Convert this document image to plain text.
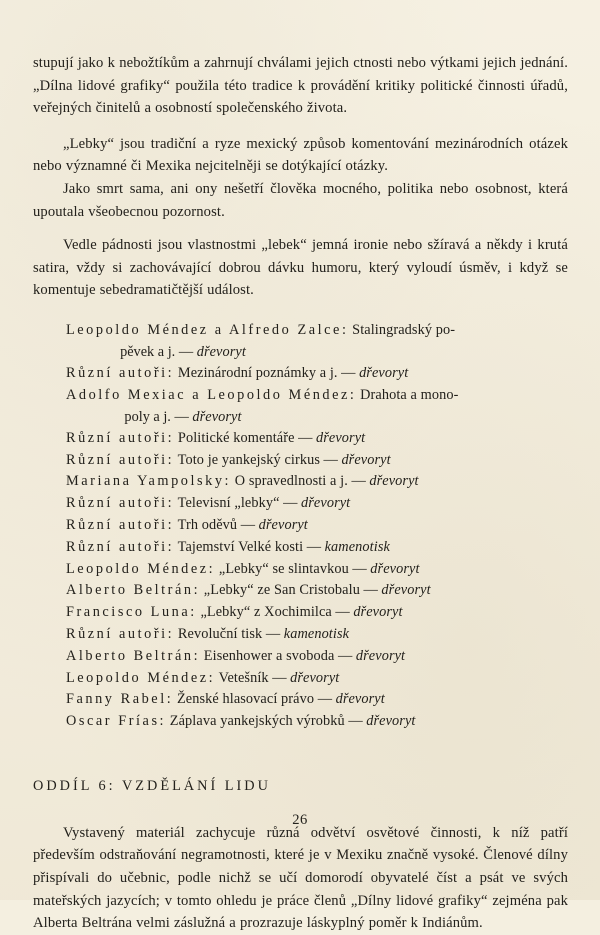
stupují jako k nebožtíkům a zahrnují chválami jejich ctnosti nebo výtkami jejich jednání. „Dílna lidové grafiky“ použila této tradice k provádění kritiky politické činnosti úřadů, veřejných činitelů a osobností společenského života.

„Lebky“ jsou tradiční a ryze mexický způsob komentování mezinárodních otázek nebo významné či Mexika nejcitelněji se dotýkající otázky.

Jako smrt sama, ani ony nešetří člověka mocného, politika nebo osobnost, která upoutala všeobecnou pozornost.

Vedle pádnosti jsou vlastnostmi „lebek“ jemná ironie nebo sžíravá a někdy i krutá satira, vždy si zachovávající dobrou dávku humoru, který vyloudí úsměv, i když se komentuje sebedramatičtější událost.

Leopoldo Méndez a Alfredo Zalce: Stalingradský po-
pěvek a j. — dřevoryt
Různí autoři: Mezinárodní poznámky a j. — dřevoryt
Adolfo Mexiac a Leopoldo Méndez: Drahota a mono-
poly a j. — dřevoryt
Různí autoři: Politické komentáře — dřevoryt
Různí autoři: Toto je yankejský cirkus — dřevoryt
Mariana Yampolsky: O spravedlnosti a j. — dřevoryt
Různí autoři: Televisní „lebky“ — dřevoryt
Různí autoři: Trh oděvů — dřevoryt
Různí autoři: Tajemství Velké kosti — kamenotisk
Leopoldo Méndez: „Lebky“ se slintavkou — dřevoryt
Alberto Beltrán: „Lebky“ ze San Cristobalu — dřevoryt
Francisco Luna: „Lebky“ z Xochimilca — dřevoryt
Různí autoři: Revoluční tisk — kamenotisk
Alberto Beltrán: Eisenhower a svoboda — dřevoryt
Leopoldo Méndez: Vetešník — dřevoryt
Fanny Rabel: Ženské hlasovací právo — dřevoryt
Oscar Frías: Záplava yankejských výrobků — dřevoryt
ODDÍL 6: VZDĚLÁNÍ LIDU

Vystavený materiál zachycuje různá odvětví osvětové činnosti, k níž patří především odstraňování negramotnosti, které je v Mexiku značně vysoké. Členové dílny přispívali do učebnic, podle nichž se učí domorodí obyvatelé číst a psát ve svých mateřských jazycích; v tomto ohledu je práce členů „Dílny lidové grafiky“ zejména pak Alberta Beltrána velmi záslužná a prozrazuje láskyplný poměr k Indiánům.

26
